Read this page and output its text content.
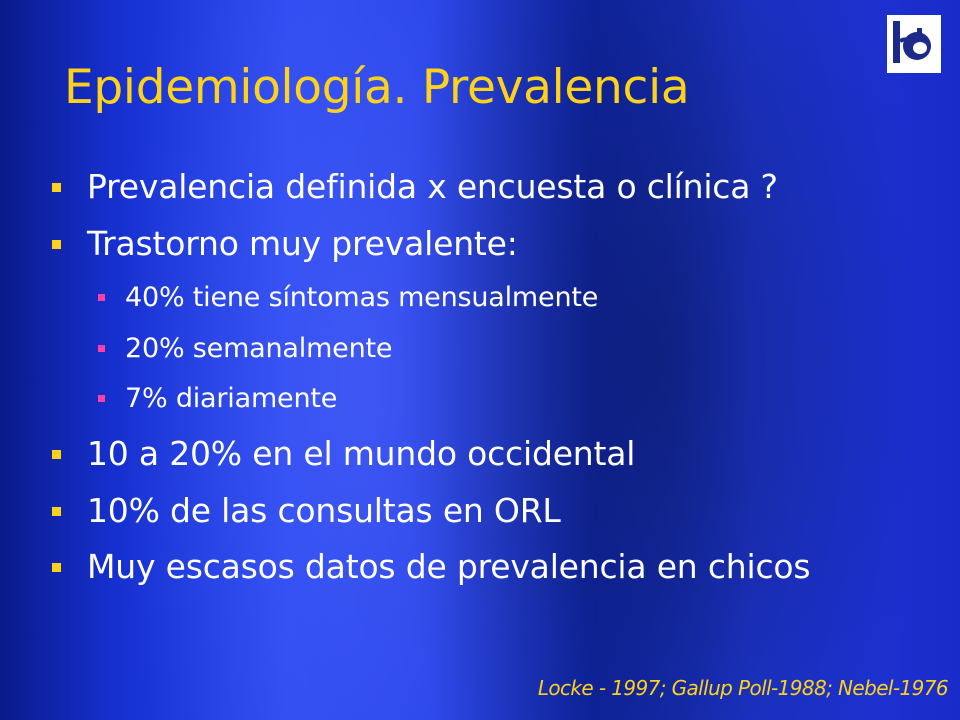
Epidemiología. Prevalencia
Prevalencia definida x encuesta o clínica ?
Trastorno muy prevalente:
40% tiene síntomas mensualmente
20% semanalmente
7% diariamente
10 a 20% en el mundo occidental
10% de las consultas en ORL
Muy escasos datos de prevalencia en chicos
Locke - 1997; Gallup Poll-1988; Nebel-1976
